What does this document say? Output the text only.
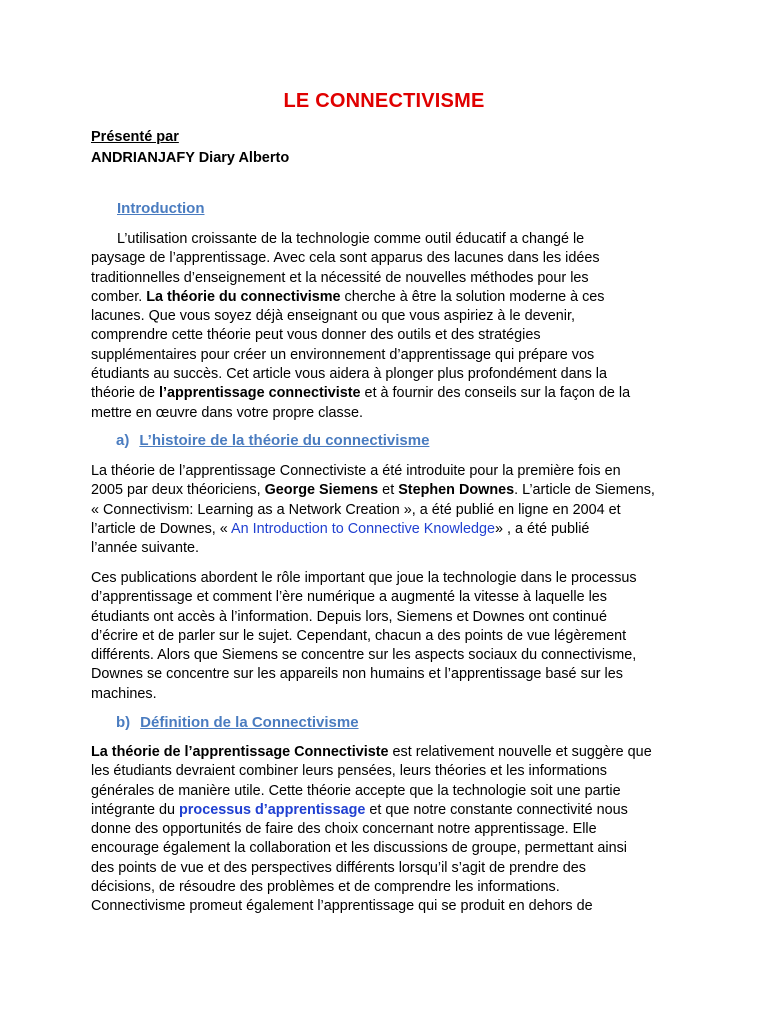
LE CONNECTIVISME
Présenté par
ANDRIANJAFY Diary Alberto
Introduction
L’utilisation croissante de la technologie comme outil éducatif a changé le
paysage de l’apprentissage. Avec cela sont apparus des lacunes dans les idées
traditionnelles d’enseignement et la nécessité de nouvelles méthodes pour les
comber. La théorie du connectivisme cherche à être la solution moderne à ces
lacunes. Que vous soyez déjà enseignant ou que vous aspiriez à le devenir,
comprendre cette théorie peut vous donner des outils et des stratégies
supplémentaires pour créer un environnement d’apprentissage qui prépare vos
étudiants au succès. Cet article vous aidera à plonger plus profondément dans la
théorie de l’apprentissage connectiviste et à fournir des conseils sur la façon de la
mettre en œuvre dans votre propre classe.
a) L’histoire de la théorie du connectivisme
La théorie de l’apprentissage Connectiviste a été introduite pour la première fois en
2005 par deux théoriciens, George Siemens et Stephen Downes. L’article de Siemens,
« Connectivism: Learning as a Network Creation », a été publié en ligne en 2004 et
l’article de Downes, « An Introduction to Connective Knowledge» , a été publié
l’année suivante.
Ces publications abordent le rôle important que joue la technologie dans le processus
d’apprentissage et comment l’ère numérique a augmenté la vitesse à laquelle les
étudiants ont accès à l’information. Depuis lors, Siemens et Downes ont continué
d’écrire et de parler sur le sujet. Cependant, chacun a des points de vue légèrement
différents. Alors que Siemens se concentre sur les aspects sociaux du connectivisme,
Downes se concentre sur les appareils non humains et l’apprentissage basé sur les
machines.
b) Définition de la Connectivisme
La théorie de l’apprentissage Connectiviste est relativement nouvelle et suggère que
les étudiants devraient combiner leurs pensées, leurs théories et les informations
générales de manière utile. Cette théorie accepte que la technologie soit une partie
intégrante du processus d’apprentissage et que notre constante connectivité nous
donne des opportunités de faire des choix concernant notre apprentissage. Elle
encourage également la collaboration et les discussions de groupe, permettant ainsi
des points de vue et des perspectives différents lorsqu’il s’agit de prendre des
décisions, de résoudre des problèmes et de comprendre les informations.
Connectivisme promeut également l’apprentissage qui se produit en dehors de
